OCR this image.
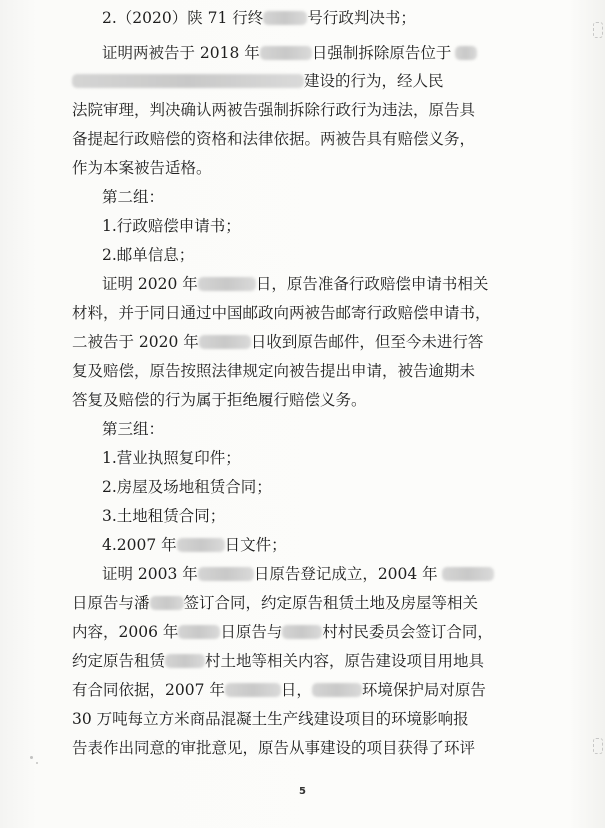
2.（2020）陕 71 行终	号行政判决书；
证明两被告于 2018 年	日强制拆除原告位于
建设的行为，经人民
法院审理，判决确认两被告强制拆除行政行为违法，原告具
备提起行政赔偿的资格和法律依据。两被告具有赔偿义务，
作为本案被告适格。
第二组：
1.行政赔偿申请书；
2.邮单信息；
证明 2020 年	日，原告准备行政赔偿申请书相关
材料，并于同日通过中国邮政向两被告邮寄行政赔偿申请书，
二被告于 2020 年	日收到原告邮件，但至今未进行答
复及赔偿，原告按照法律规定向被告提出申请，被告逾期未
答复及赔偿的行为属于拒绝履行赔偿义务。
第三组：
1.营业执照复印件；
2.房屋及场地租赁合同；
3.土地租赁合同；
4.2007 年	日文件；
证明 2003 年	日原告登记成立，2004 年
日原告与潘 签订合同，约定原告租赁土地及房屋等相关
内容，2006 年	日原告与	村村民委员会签订合同，
约定原告租赁	村土地等相关内容，原告建设项目用地具
有合同依据，2007 年	日，	环境保护局对原告
30 万吨每立方米商品混凝土生产线建设项目的环境影响报
告表作出同意的审批意见，原告从事建设的项目获得了环评
5
